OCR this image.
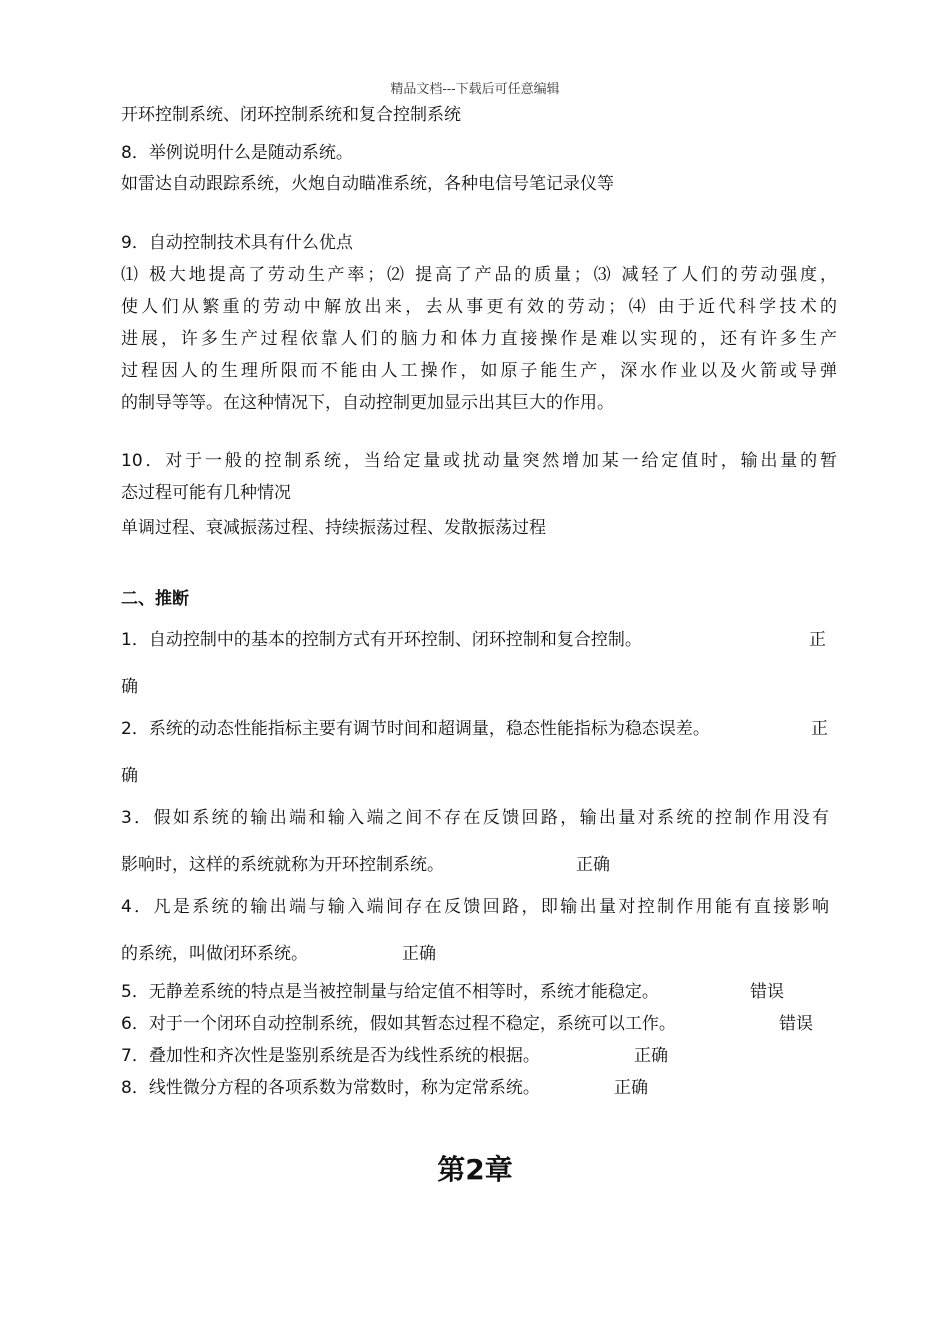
精品文档---下载后可任意编辑
开环控制系统、闭环控制系统和复合控制系统
8．举例说明什么是随动系统。
如雷达自动跟踪系统，火炮自动瞄准系统，各种电信号笔记录仪等
9．自动控制技术具有什么优点
⑴ 极大地提高了劳动生产率；⑵ 提高了产品的质量；⑶ 减轻了人们的劳动强度，
使人们从繁重的劳动中解放出来，去从事更有效的劳动；⑷ 由于近代科学技术的
进展，许多生产过程依靠人们的脑力和体力直接操作是难以实现的，还有许多生产
过程因人的生理所限而不能由人工操作，如原子能生产，深水作业以及火箭或导弹
的制导等等。在这种情况下，自动控制更加显示出其巨大的作用。
10．对于一般的控制系统，当给定量或扰动量突然增加某一给定值时，输出量的暂
态过程可能有几种情况
单调过程、衰减振荡过程、持续振荡过程、发散振荡过程
二、推断
1．自动控制中的基本的控制方式有开环控制、闭环控制和复合控制。	正
确
2．系统的动态性能指标主要有调节时间和超调量，稳态性能指标为稳态误差。	正
确
3．假如系统的输出端和输入端之间不存在反馈回路，输出量对系统的控制作用没有
影响时，这样的系统就称为开环控制系统。	正确
4．凡是系统的输出端与输入端间存在反馈回路，即输出量对控制作用能有直接影响
的系统，叫做闭环系统。	正确
5．无静差系统的特点是当被控制量与给定值不相等时，系统才能稳定。	错误
6．对于一个闭环自动控制系统，假如其暂态过程不稳定，系统可以工作。	错误
7．叠加性和齐次性是鉴别系统是否为线性系统的根据。	正确
8．线性微分方程的各项系数为常数时，称为定常系统。	正确
第2章
